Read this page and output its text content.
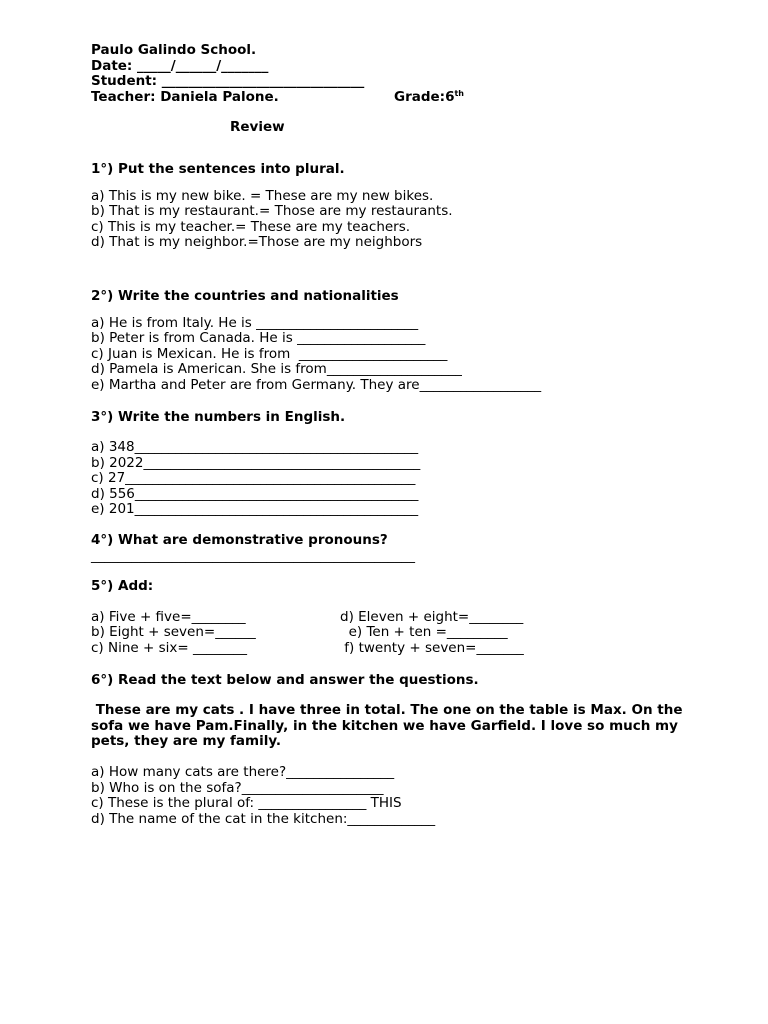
Paulo Galindo School.
Date: _____/______/_______
Student: ______________________________
Teacher: Daniela Palone.	Grade:6th
Review
1°) Put the sentences into plural.
a) This is my new bike. = These are my new bikes.
b) That is my restaurant.= Those are my restaurants.
c) This is my teacher.= These are my teachers.
d) That is my neighbor.=Those are my neighbors
2°) Write the countries and nationalities
a) He is from Italy. He is ________________________
b) Peter is from Canada. He is ___________________
c) Juan is Mexican. He is from  ______________________
d) Pamela is American. She is from____________________
e) Martha and Peter are from Germany. They are__________________
3°) Write the numbers in English.
a) 348__________________________________________
b) 2022_________________________________________
c) 27___________________________________________
d) 556__________________________________________
e) 201__________________________________________
4°) What are demonstrative pronouns?
________________________________________________
5°) Add:
a) Five + five=________	d) Eleven + eight=________
b) Eight + seven=______	e) Ten + ten =_________
c) Nine + six= ________	f) twenty + seven=_______
6°) Read the text below and answer the questions.
These are my cats . I have three in total. The one on the table is Max. On the sofa we have Pam.Finally, in the kitchen we have Garfield. I love so much my pets, they are my family.
a) How many cats are there?________________
b) Who is on the sofa?_____________________
c) These is the plural of: ________________ THIS
d) The name of the cat in the kitchen:_____________
